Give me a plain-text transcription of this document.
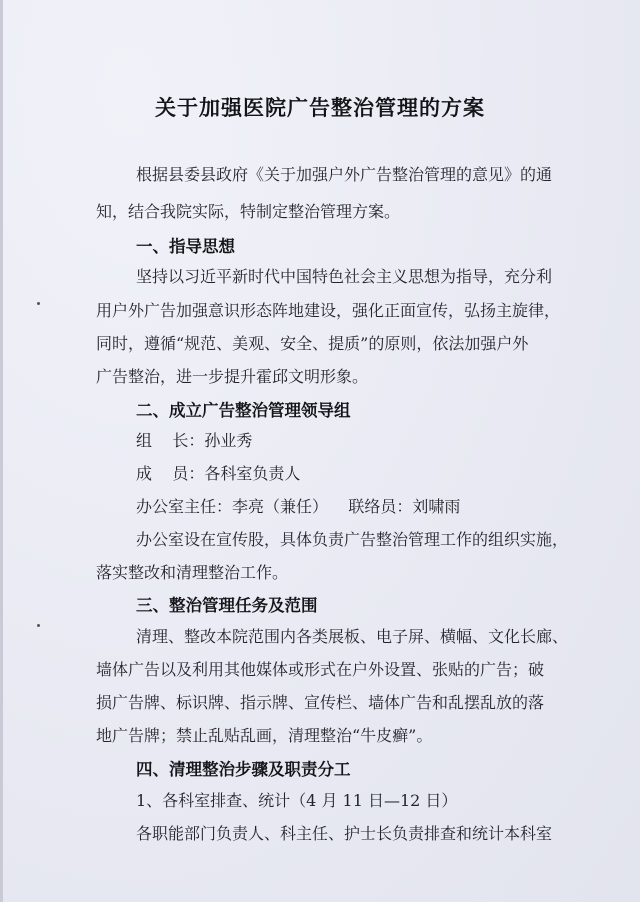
关于加强医院广告整治管理的方案
根据县委县政府《关于加强户外广告整治管理的意见》的通
知，结合我院实际，特制定整治管理方案。
一、指导思想
坚持以习近平新时代中国特色社会主义思想为指导，充分利
用户外广告加强意识形态阵地建设，强化正面宣传，弘扬主旋律，
同时，遵循“规范、美观、安全、提质”的原则，依法加强户外
广告整治，进一步提升霍邱文明形象。
二、成立广告整治管理领导组
组    长：孙业秀
成    员：各科室负责人
办公室主任：李亮（兼任）    联络员：刘啸雨
办公室设在宣传股，具体负责广告整治管理工作的组织实施，
落实整改和清理整治工作。
三、整治管理任务及范围
清理、整改本院范围内各类展板、电子屏、横幅、文化长廊、
墙体广告以及利用其他媒体或形式在户外设置、张贴的广告；破
损广告牌、标识牌、指示牌、宣传栏、墙体广告和乱摆乱放的落
地广告牌；禁止乱贴乱画，清理整治“牛皮癣”。
四、清理整治步骤及职责分工
1、各科室排查、统计（4 月 11 日—12 日）
各职能部门负责人、科主任、护士长负责排查和统计本科室
